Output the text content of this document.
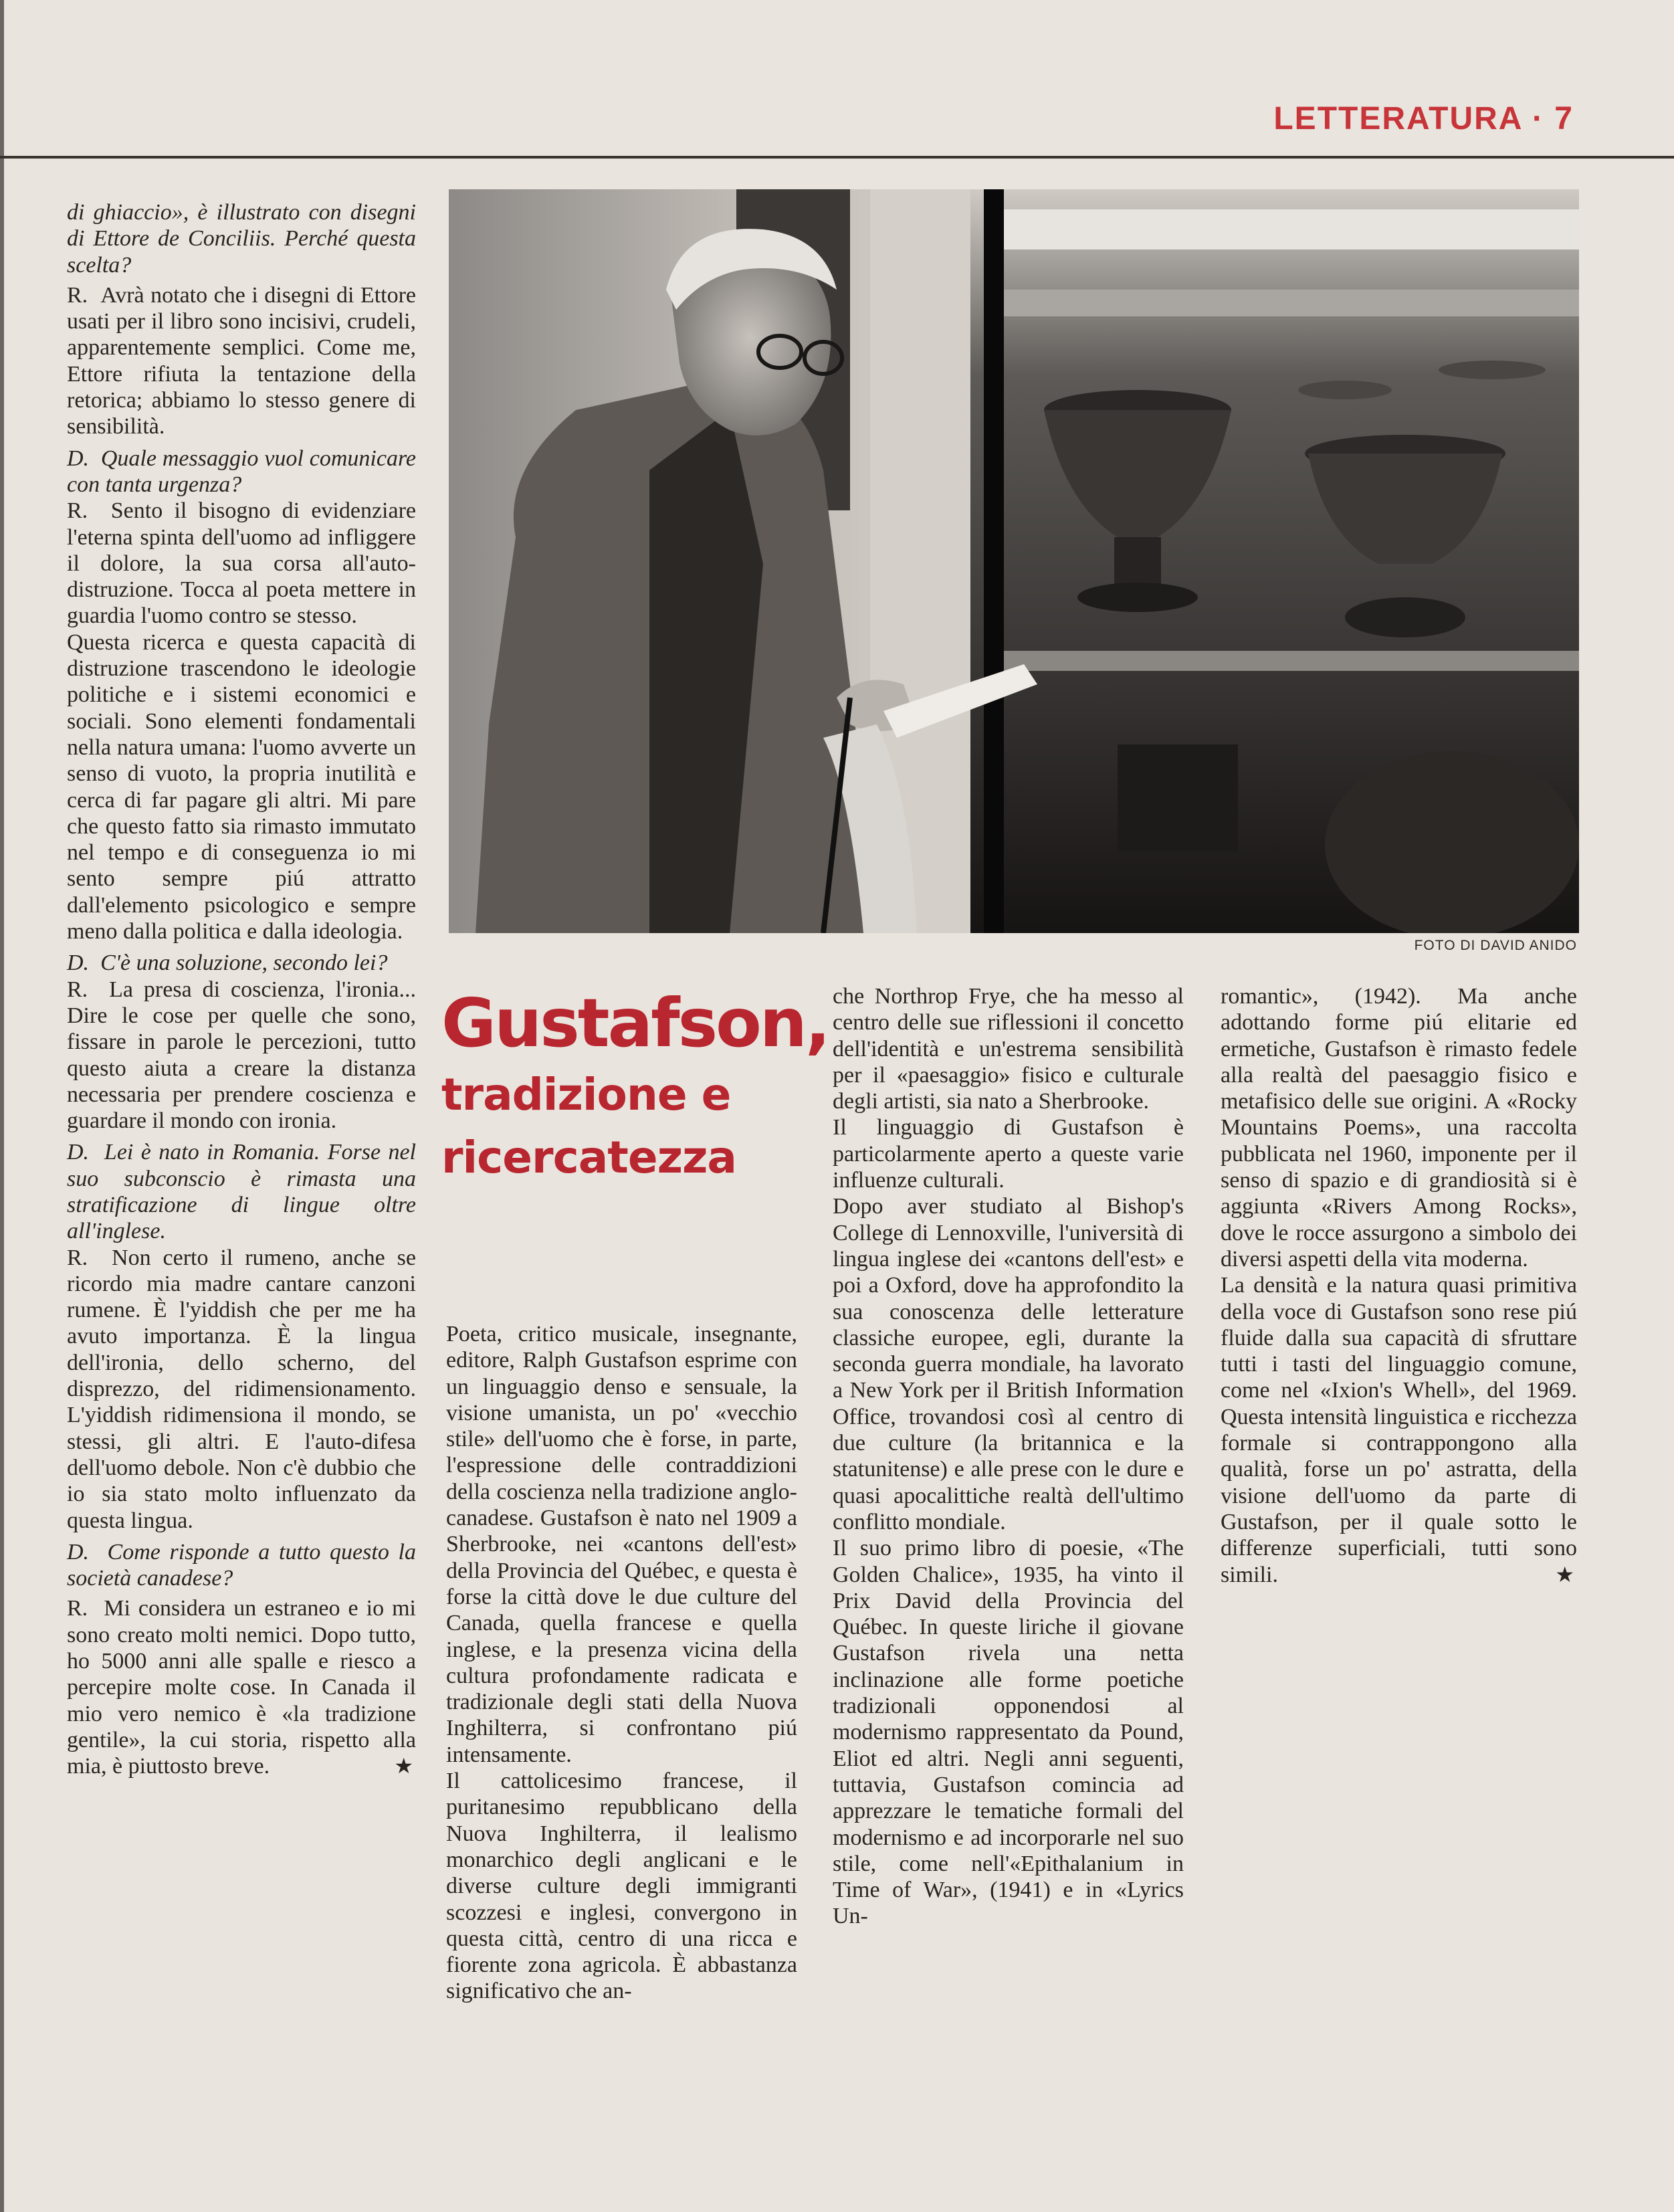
LETTERATURA · 7

di ghiaccio», è illustrato con disegni di Ettore de Conciliis. Perché questa scelta?

R. Avrà notato che i disegni di Ettore usati per il libro sono incisivi, crudeli, apparentemente semplici. Come me, Ettore rifiuta la tentazione della retorica; abbiamo lo stesso genere di sensibilità.

D. Quale messaggio vuol comunicare con tanta urgenza?

R. Sento il bisogno di evidenziare l'eterna spinta dell'uomo ad infliggere il dolore, la sua corsa all'auto-distruzione. Tocca al poeta mettere in guardia l'uomo contro se stesso.

Questa ricerca e questa capacità di distruzione trascendono le ideologie politiche e i sistemi economici e sociali. Sono elementi fondamentali nella natura umana: l'uomo avverte un senso di vuoto, la propria inutilità e cerca di far pagare gli altri. Mi pare che questo fatto sia rimasto immutato nel tempo e di conseguenza io mi sento sempre piú attratto dall'elemento psicologico e sempre meno dalla politica e dalla ideologia.

D. C'è una soluzione, secondo lei?

R. La presa di coscienza, l'ironia... Dire le cose per quelle che sono, fissare in parole le percezioni, tutto questo aiuta a creare la distanza necessaria per prendere coscienza e guardare il mondo con ironia.

D. Lei è nato in Romania. Forse nel suo subconscio è rimasta una stratificazione di lingue oltre all'inglese.

R. Non certo il rumeno, anche se ricordo mia madre cantare canzoni rumene. È l'yiddish che per me ha avuto importanza. È la lingua dell'ironia, dello scherno, del disprezzo, del ridimensionamento. L'yiddish ridimensiona il mondo, se stessi, gli altri. E l'auto-difesa dell'uomo debole. Non c'è dubbio che io sia stato molto influenzato da questa lingua.

D. Come risponde a tutto questo la società canadese?

R. Mi considera un estraneo e io mi sono creato molti nemici. Dopo tutto, ho 5000 anni alle spalle e riesco a percepire molte cose. In Canada il mio vero nemico è «la tradizione gentile», la cui storia, rispetto alla mia, è piuttosto breve.	★

FOTO DI DAVID ANIDO
Gustafson,
tradizione e
ricercatezza

Poeta, critico musicale, insegnante, editore, Ralph Gustafson esprime con un linguaggio denso e sensuale, la visione umanista, un po' «vecchio stile» dell'uomo che è forse, in parte, l'espressione delle contraddizioni della coscienza nella tradizione anglo-canadese. Gustafson è nato nel 1909 a Sherbrooke, nei «cantons dell'est» della Provincia del Québec, e questa è forse la città dove le due culture del Canada, quella francese e quella inglese, e la presenza vicina della cultura profondamente radicata e tradizionale degli stati della Nuova Inghilterra, si confrontano piú intensamente.

Il cattolicesimo francese, il puritanesimo repubblicano della Nuova Inghilterra, il lealismo monarchico degli anglicani e le diverse culture degli immigranti scozzesi e inglesi, convergono in questa città, centro di una ricca e fiorente zona agricola. È abbastanza significativo che an-

che Northrop Frye, che ha messo al centro delle sue riflessioni il concetto dell'identità e un'estrema sensibilità per il «paesaggio» fisico e culturale degli artisti, sia nato a Sherbrooke.

Il linguaggio di Gustafson è particolarmente aperto a queste varie influenze culturali.

Dopo aver studiato al Bishop's College di Lennoxville, l'università di lingua inglese dei «cantons dell'est» e poi a Oxford, dove ha approfondito la sua conoscenza delle letterature classiche europee, egli, durante la seconda guerra mondiale, ha lavorato a New York per il British Information Office, trovandosi così al centro di due culture (la britannica e la statunitense) e alle prese con le dure e quasi apocalittiche realtà dell'ultimo conflitto mondiale.

Il suo primo libro di poesie, «The Golden Chalice», 1935, ha vinto il Prix David della Provincia del Québec. In queste liriche il giovane Gustafson rivela una netta inclinazione alle forme poetiche tradizionali opponendosi al modernismo rappresentato da Pound, Eliot ed altri. Negli anni seguenti, tuttavia, Gustafson comincia ad apprezzare le tematiche formali del modernismo e ad incorporarle nel suo stile, come nell'«Epithalanium in Time of War», (1941) e in «Lyrics Un-

romantic», (1942). Ma anche adottando forme piú elitarie ed ermetiche, Gustafson è rimasto fedele alla realtà del paesaggio fisico e metafisico delle sue origini. A «Rocky Mountains Poems», una raccolta pubblicata nel 1960, imponente per il senso di spazio e di grandiosità si è aggiunta «Rivers Among Rocks», dove le rocce assurgono a simbolo dei diversi aspetti della vita moderna.

La densità e la natura quasi primitiva della voce di Gustafson sono rese piú fluide dalla sua capacità di sfruttare tutti i tasti del linguaggio comune, come nel «Ixion's Whell», del 1969. Questa intensità linguistica e ricchezza formale si contrappongono alla qualità, forse un po' astratta, della visione dell'uomo da parte di Gustafson, per il quale sotto le differenze superficiali, tutti sono simili.	★
